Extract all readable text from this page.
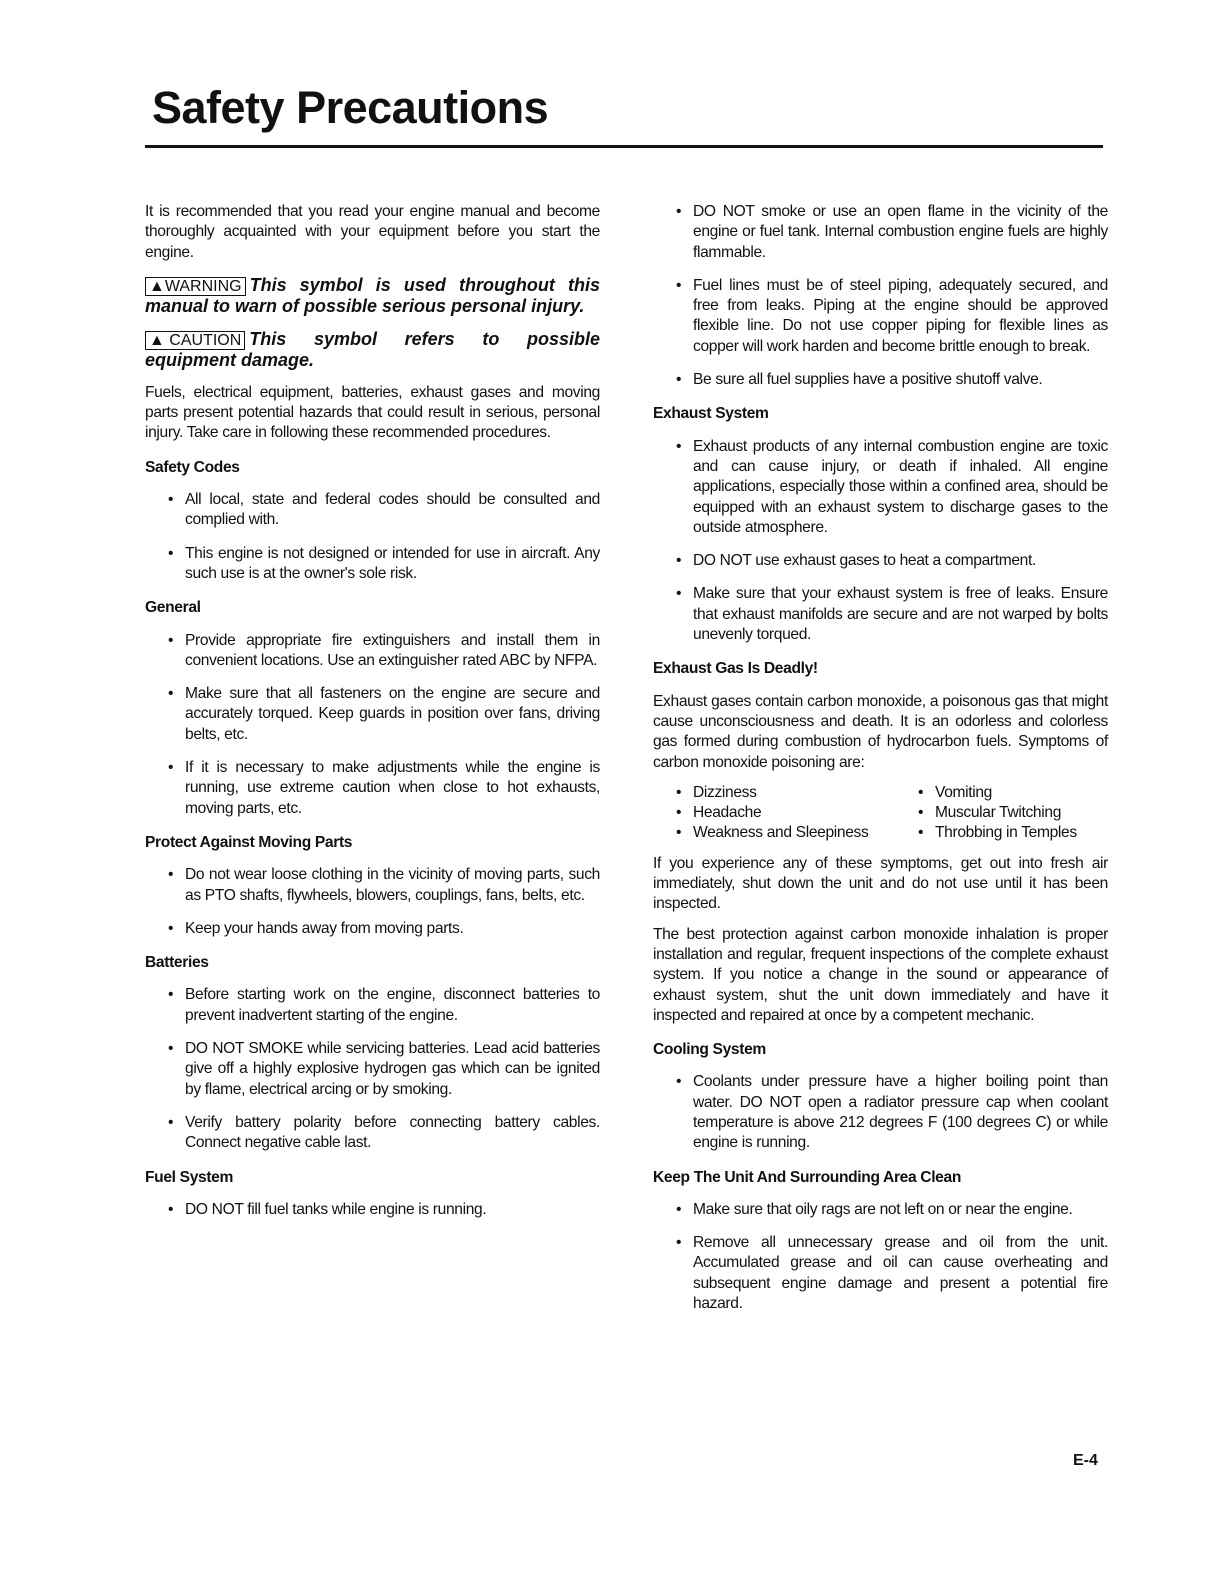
Safety Precautions

It is recommended that you read your engine manual and become thoroughly acquainted with your equipment before you start the engine.

▲WARNING This symbol is used throughout this manual to warn of possible serious personal injury.
▲ CAUTION This symbol refers to possible equipment damage.

Fuels, electrical equipment, batteries, exhaust gases and moving parts present potential hazards that could result in serious, personal injury. Take care in following these recommended procedures.

Safety Codes
• All local, state and federal codes should be consulted and complied with.
• This engine is not designed or intended for use in aircraft. Any such use is at the owner's sole risk.
General
• Provide appropriate fire extinguishers and install them in convenient locations. Use an extinguisher rated ABC by NFPA.
• Make sure that all fasteners on the engine are secure and accurately torqued. Keep guards in position over fans, driving belts, etc.
• If it is necessary to make adjustments while the engine is running, use extreme caution when close to hot exhausts, moving parts, etc.
Protect Against Moving Parts
• Do not wear loose clothing in the vicinity of moving parts, such as PTO shafts, flywheels, blowers, couplings, fans, belts, etc.
• Keep your hands away from moving parts.
Batteries
• Before starting work on the engine, disconnect batteries to prevent inadvertent starting of the engine.
• DO NOT SMOKE while servicing batteries. Lead acid batteries give off a highly explosive hydrogen gas which can be ignited by flame, electrical arcing or by smoking.
• Verify battery polarity before connecting battery cables. Connect negative cable last.
Fuel System
• DO NOT fill fuel tanks while engine is running.
• DO NOT smoke or use an open flame in the vicinity of the engine or fuel tank. Internal combustion engine fuels are highly flammable.
• Fuel lines must be of steel piping, adequately secured, and free from leaks. Piping at the engine should be approved flexible line. Do not use copper piping for flexible lines as copper will work harden and become brittle enough to break.
• Be sure all fuel supplies have a positive shutoff valve.
Exhaust System
• Exhaust products of any internal combustion engine are toxic and can cause injury, or death if inhaled. All engine applications, especially those within a confined area, should be equipped with an exhaust system to discharge gases to the outside atmosphere.
• DO NOT use exhaust gases to heat a compartment.
• Make sure that your exhaust system is free of leaks. Ensure that exhaust manifolds are secure and are not warped by bolts unevenly torqued.
Exhaust Gas Is Deadly!

Exhaust gases contain carbon monoxide, a poisonous gas that might cause unconsciousness and death. It is an odorless and colorless gas formed during combustion of hydrocarbon fuels. Symptoms of carbon monoxide poisoning are:

• Dizziness	• Vomiting
• Headache	• Muscular Twitching
• Weakness and Sleepiness	• Throbbing in Temples

If you experience any of these symptoms, get out into fresh air immediately, shut down the unit and do not use until it has been inspected.

The best protection against carbon monoxide inhalation is proper installation and regular, frequent inspections of the complete exhaust system. If you notice a change in the sound or appearance of exhaust system, shut the unit down immediately and have it inspected and repaired at once by a competent mechanic.

Cooling System
• Coolants under pressure have a higher boiling point than water. DO NOT open a radiator pressure cap when coolant temperature is above 212 degrees F (100 degrees C) or while engine is running.
Keep The Unit And Surrounding Area Clean
• Make sure that oily rags are not left on or near the engine.
• Remove all unnecessary grease and oil from the unit. Accumulated grease and oil can cause overheating and subsequent engine damage and present a potential fire hazard.
E-4
